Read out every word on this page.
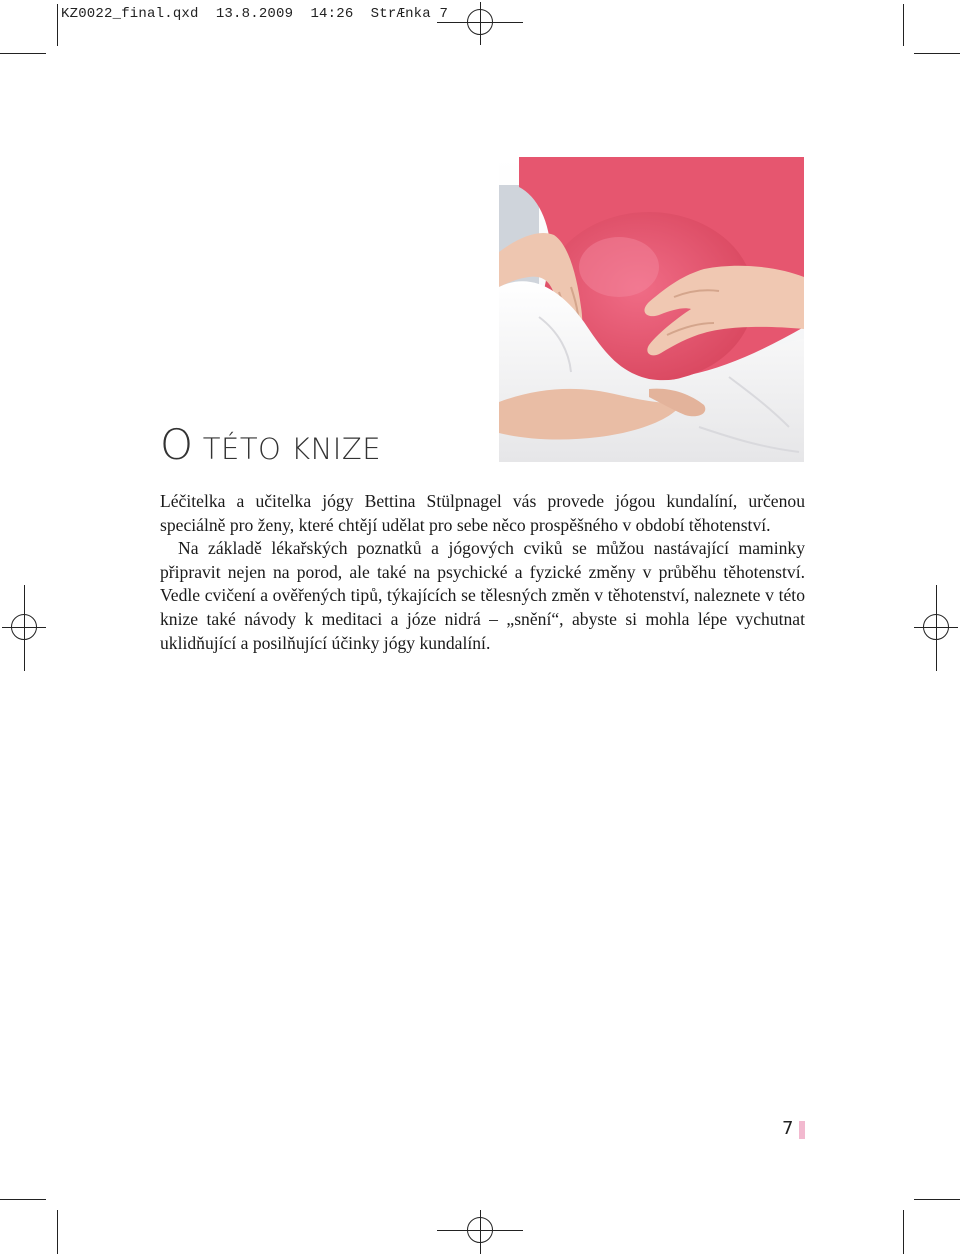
KZ0022_final.qxd 13.8.2009 14:26 StrÆnka 7
O TÉTO KNIZE

Léčitelka a učitelka jógy Bettina Stülpnagel vás provede jógou kundalíní, určenou speciálně pro ženy, které chtějí udělat pro sebe něco prospěšného v období těhotenství.

Na základě lékařských poznatků a jógových cviků se můžou nastávající maminky připravit nejen na porod, ale také na psychické a fyzické změny v průběhu těhotenství. Vedle cvičení a ověřených tipů, týkajících se tělesných změn v těhotenství, naleznete v této knize také návody k meditaci a józe nidrá – „snění“, abyste si mohla lépe vychutnat uklidňující a posilňující účinky jógy kundalíní.

7
